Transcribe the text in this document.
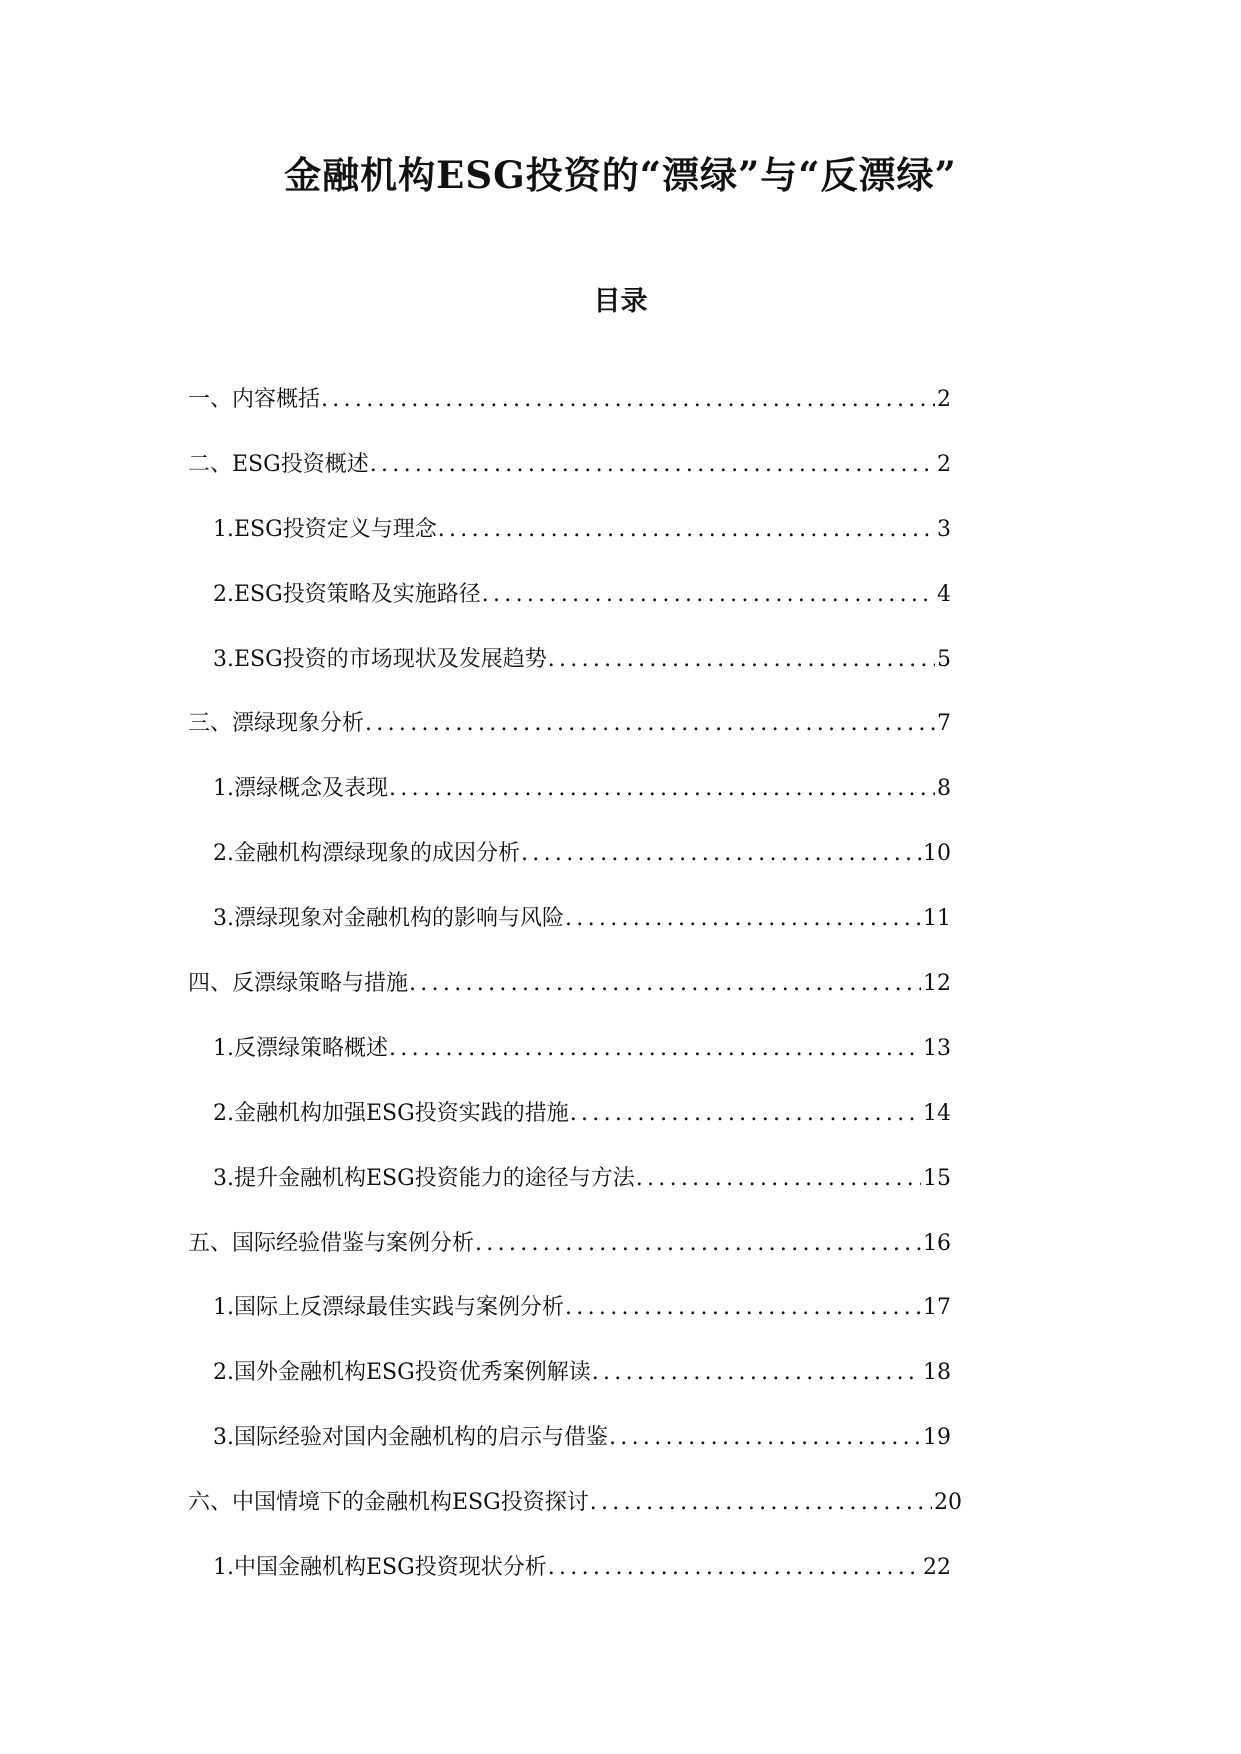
金融机构ESG投资的“漂绿”与“反漂绿”
目录
一、内容概括 .....	2
二、ESG投资概述 .....	2
1. ESG投资定义与理念 .....	3
2. ESG投资策略及实施路径 .....	4
3. ESG投资的市场现状及发展趋势 .....	5
三、漂绿现象分析 .....	7
1. 漂绿概念及表现 .....	8
2. 金融机构漂绿现象的成因分析 .....	10
3. 漂绿现象对金融机构的影响与风险 .....	11
四、反漂绿策略与措施 .....	12
1. 反漂绿策略概述 .....	13
2. 金融机构加强ESG投资实践的措施 .....	14
3. 提升金融机构ESG投资能力的途径与方法 .....	15
五、国际经验借鉴与案例分析 .....	16
1. 国际上反漂绿最佳实践与案例分析 .....	17
2. 国外金融机构ESG投资优秀案例解读 .....	18
3. 国际经验对国内金融机构的启示与借鉴 .....	19
六、中国情境下的金融机构ESG投资探讨 .....	20
1. 中国金融机构ESG投资现状分析 .....	22
